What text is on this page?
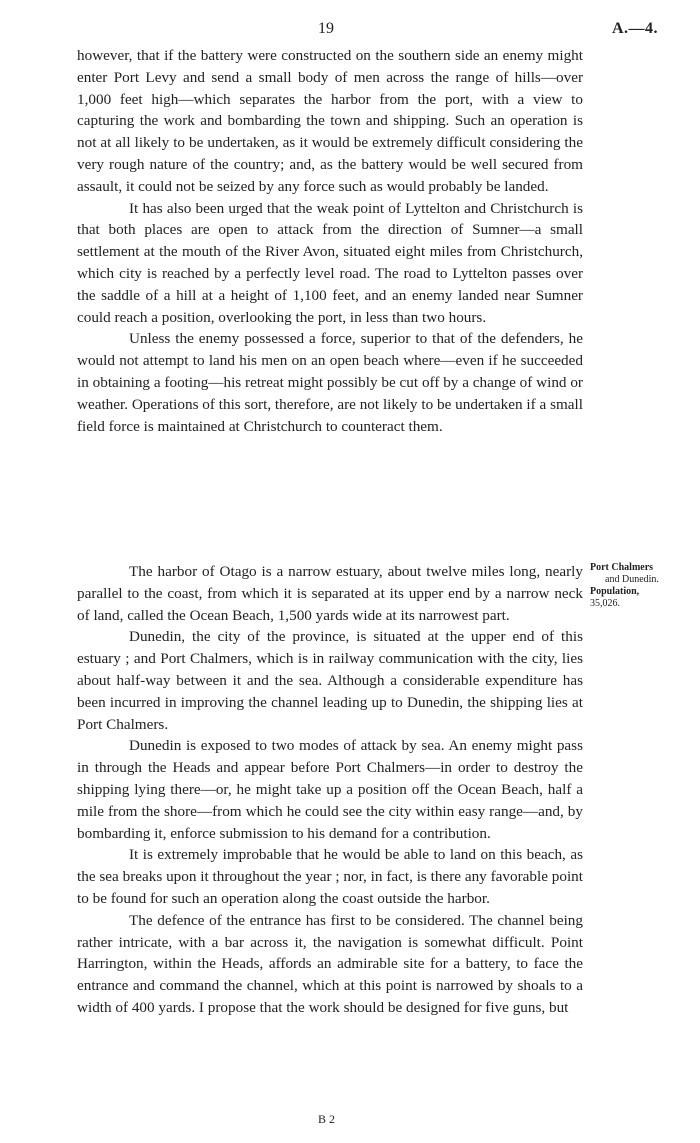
19	A.—4.

however, that if the battery were constructed on the southern side an enemy might enter Port Levy and send a small body of men across the range of hills—over 1,000 feet high—which separates the harbor from the port, with a view to capturing the work and bombarding the town and shipping. Such an operation is not at all likely to be undertaken, as it would be extremely difficult considering the very rough nature of the country; and, as the battery would be well secured from assault, it could not be seized by any force such as would probably be landed.

It has also been urged that the weak point of Lyttelton and Christchurch is that both places are open to attack from the direction of Sumner—a small settlement at the mouth of the River Avon, situated eight miles from Christchurch, which city is reached by a perfectly level road. The road to Lyttelton passes over the saddle of a hill at a height of 1,100 feet, and an enemy landed near Sumner could reach a position, overlooking the port, in less than two hours.

Unless the enemy possessed a force, superior to that of the defenders, he would not attempt to land his men on an open beach where—even if he succeeded in obtaining a footing—his retreat might possibly be cut off by a change of wind or weather. Operations of this sort, therefore, are not likely to be undertaken if a small field force is maintained at Christchurch to counteract them.

Port Chalmers
and Dunedin.
Population,
35,026.

The harbor of Otago is a narrow estuary, about twelve miles long, nearly parallel to the coast, from which it is separated at its upper end by a narrow neck of land, called the Ocean Beach, 1,500 yards wide at its narrowest part.

Dunedin, the city of the province, is situated at the upper end of this estuary ; and Port Chalmers, which is in railway communication with the city, lies about half-way between it and the sea. Although a considerable expenditure has been incurred in improving the channel leading up to Dunedin, the shipping lies at Port Chalmers.

Dunedin is exposed to two modes of attack by sea. An enemy might pass in through the Heads and appear before Port Chalmers—in order to destroy the shipping lying there—or, he might take up a position off the Ocean Beach, half a mile from the shore—from which he could see the city within easy range—and, by bombarding it, enforce submission to his demand for a contribution.

It is extremely improbable that he would be able to land on this beach, as the sea breaks upon it throughout the year ; nor, in fact, is there any favorable point to be found for such an operation along the coast outside the harbor.

The defence of the entrance has first to be considered. The channel being rather intricate, with a bar across it, the navigation is somewhat difficult. Point Harrington, within the Heads, affords an admirable site for a battery, to face the entrance and command the channel, which at this point is narrowed by shoals to a width of 400 yards. I propose that the work should be designed for five guns, but

B 2
